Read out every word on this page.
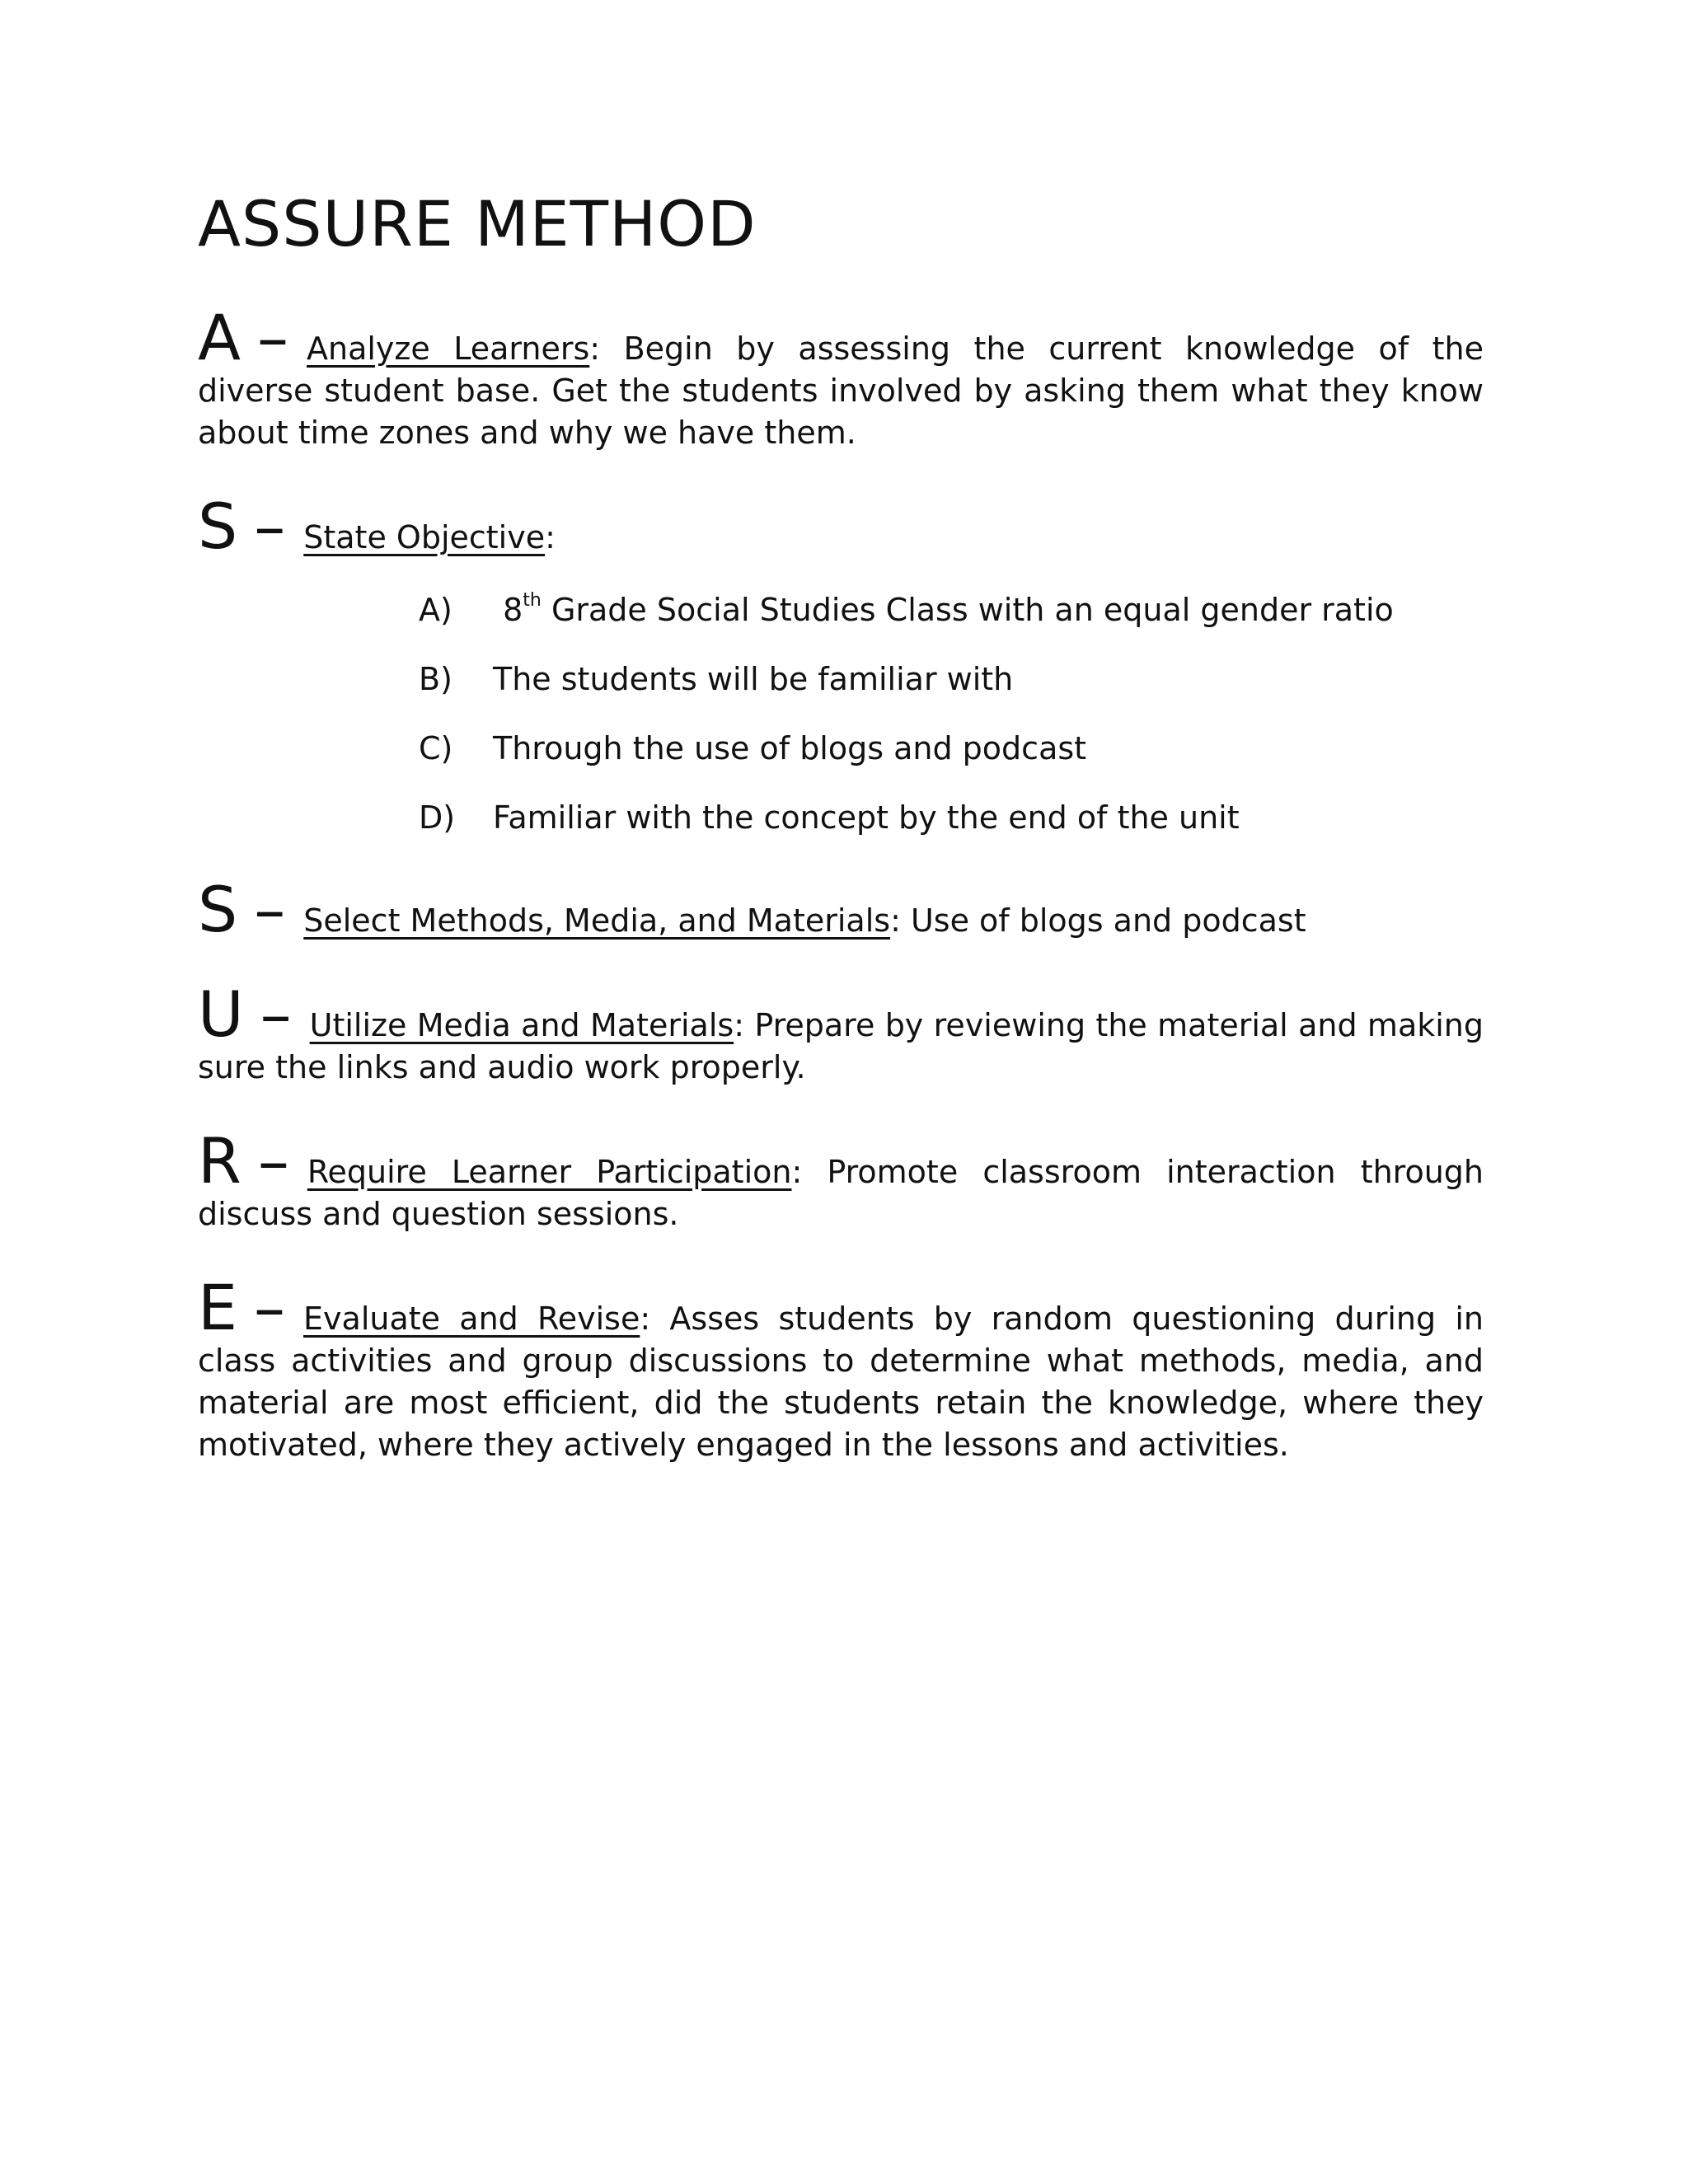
ASSURE METHOD

A – Analyze Learners: Begin by assessing the current knowledge of the diverse student base. Get the students involved by asking them what they know about time zones and why we have them.

S – State Objective:

A)	8th Grade Social Studies Class with an equal gender ratio
B)	The students will be familiar with
C)	Through the use of blogs and podcast
D)	Familiar with the concept by the end of the unit

S – Select Methods, Media, and Materials: Use of blogs and podcast

U – Utilize Media and Materials: Prepare by reviewing the material and making sure the links and audio work properly.

R – Require Learner Participation: Promote classroom interaction through discuss and question sessions.

E – Evaluate and Revise: Asses students by random questioning during in class activities and group discussions to determine what methods, media, and material are most efficient, did the students retain the knowledge, where they motivated, where they actively engaged in the lessons and activities.
